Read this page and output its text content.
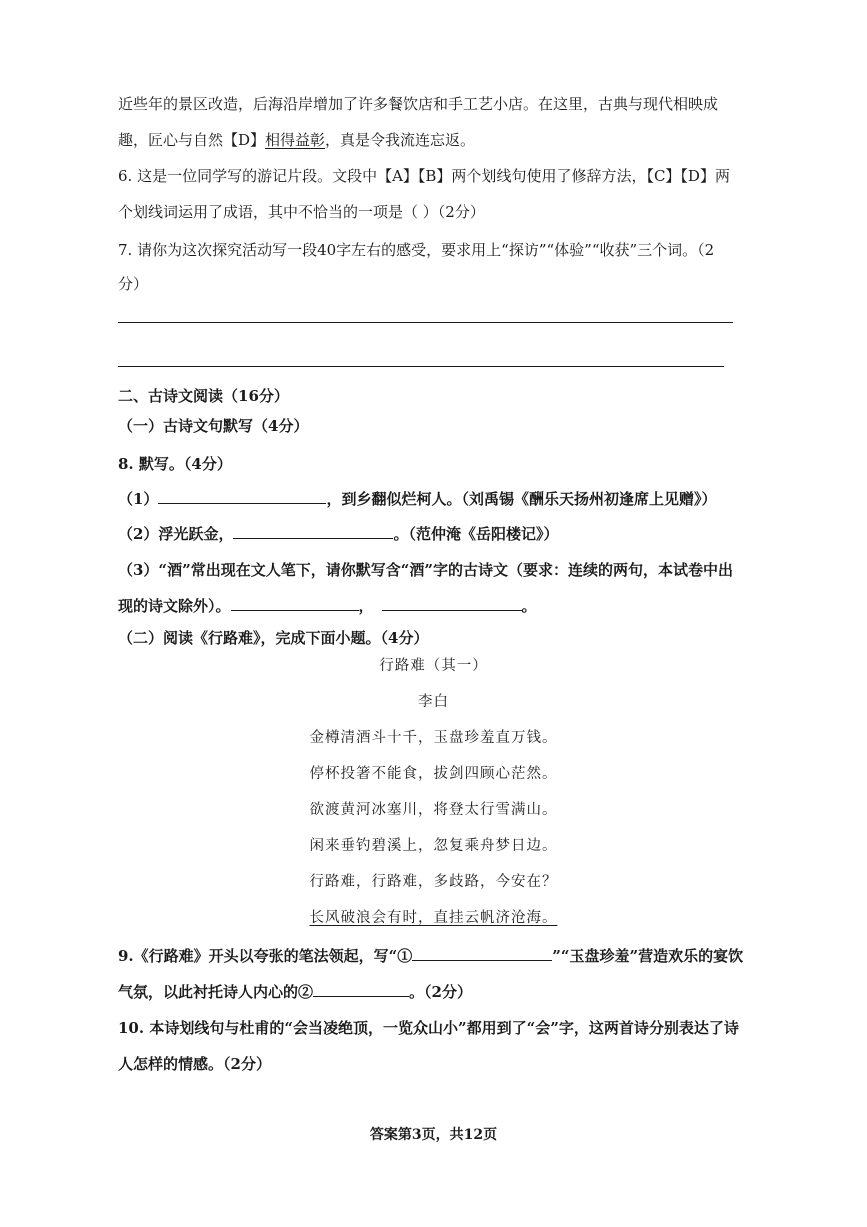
近些年的景区改造，后海沿岸增加了许多餐饮店和手工艺小店。在这里，古典与现代相映成
趣，匠心与自然【D】相得益彰，真是令我流连忘返。
6. 这是一位同学写的游记片段。文段中【A】【B】两个划线句使用了修辞方法，【C】【D】两
个划线词运用了成语，其中不恰当的一项是（ ）（2分）
7. 请你为这次探究活动写一段40字左右的感受，要求用上“探访”“体验”“收获”三个词。（2
分）
二、古诗文阅读（16分）
（一）古诗文句默写（4分）
8. 默写。（4分）
（1）	，到乡翻似烂柯人。（刘禹锡《酬乐天扬州初逢席上见赠》）
（2）浮光跃金，	。（范仲淹《岳阳楼记》）
（3）“酒”常出现在文人笔下，请你默写含“酒”字的古诗文（要求：连续的两句，本试卷中出
现的诗文除外）。	，	。
（二）阅读《行路难》，完成下面小题。（4分）
行路难（其一）
李白
金樽清酒斗十千，玉盘珍羞直万钱。
停杯投箸不能食，拔剑四顾心茫然。
欲渡黄河冰塞川，将登太行雪满山。
闲来垂钓碧溪上，忽复乘舟梦日边。
行路难，行路难，多歧路，今安在？
长风破浪会有时，直挂云帆济沧海。
9.《行路难》开头以夸张的笔法领起，写“①	”“玉盘珍羞”营造欢乐的宴饮
气氛，以此衬托诗人内心的②	。（2分）
10. 本诗划线句与杜甫的“会当凌绝顶，一览众山小”都用到了“会”字，这两首诗分别表达了诗
人怎样的情感。（2分）
答案第3页，共12页
